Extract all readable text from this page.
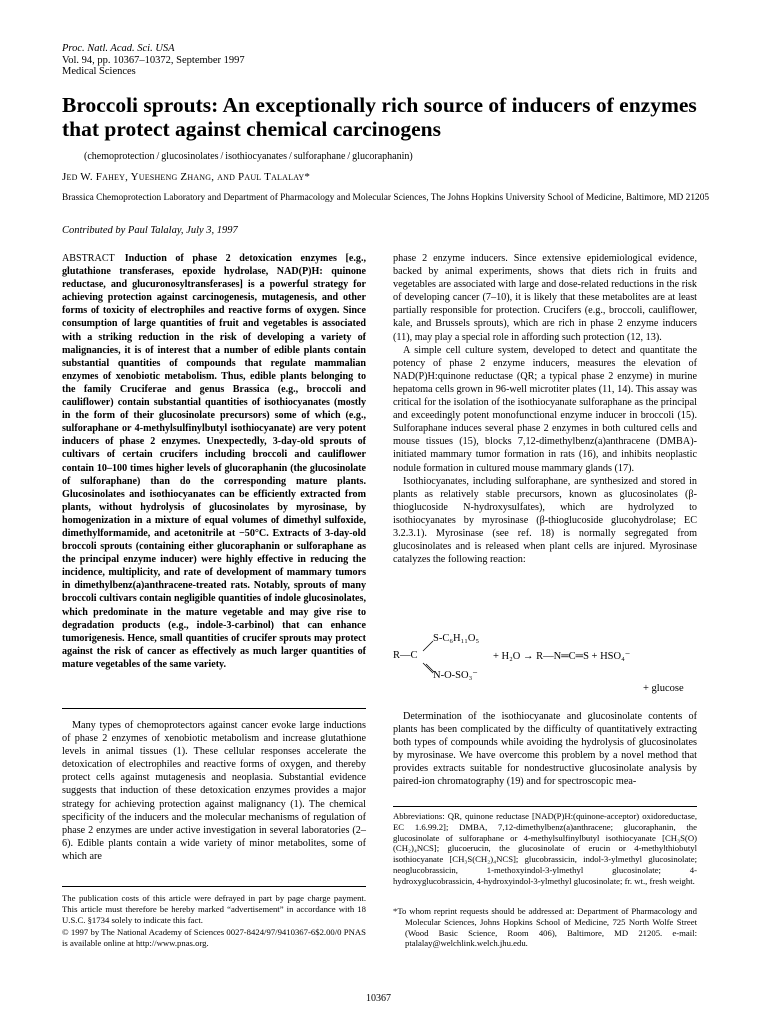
Proc. Natl. Acad. Sci. USA
Vol. 94, pp. 10367–10372, September 1997
Medical Sciences
Broccoli sprouts: An exceptionally rich source of inducers of enzymes that protect against chemical carcinogens
(chemoprotection / glucosinolates / isothiocyanates / sulforaphane / glucoraphanin)
Jed W. Fahey, Yuesheng Zhang, and Paul Talalay*
Brassica Chemoprotection Laboratory and Department of Pharmacology and Molecular Sciences, The Johns Hopkins University School of Medicine, Baltimore, MD 21205
Contributed by Paul Talalay, July 3, 1997
ABSTRACT Induction of phase 2 detoxication enzymes [e.g., glutathione transferases, epoxide hydrolase, NAD(P)H: quinone reductase, and glucuronosyltransferases] is a powerful strategy for achieving protection against carcinogenesis, mutagenesis, and other forms of toxicity of electrophiles and reactive forms of oxygen. Since consumption of large quantities of fruit and vegetables is associated with a striking reduction in the risk of developing a variety of malignancies, it is of interest that a number of edible plants contain substantial quantities of compounds that regulate mammalian enzymes of xenobiotic metabolism. Thus, edible plants belonging to the family Cruciferae and genus Brassica (e.g., broccoli and cauliflower) contain substantial quantities of isothiocyanates (mostly in the form of their glucosinolate precursors) some of which (e.g., sulforaphane or 4-methylsulfinylbutyl isothiocyanate) are very potent inducers of phase 2 enzymes. Unexpectedly, 3-day-old sprouts of cultivars of certain crucifers including broccoli and cauliflower contain 10–100 times higher levels of glucoraphanin (the glucosinolate of sulforaphane) than do the corresponding mature plants. Glucosinolates and isothiocyanates can be efficiently extracted from plants, without hydrolysis of glucosinolates by myrosinase, by homogenization in a mixture of equal volumes of dimethyl sulfoxide, dimethylformamide, and acetonitrile at −50°C. Extracts of 3-day-old broccoli sprouts (containing either glucoraphanin or sulforaphane as the principal enzyme inducer) were highly effective in reducing the incidence, multiplicity, and rate of development of mammary tumors in dimethylbenz(a)anthracene-treated rats. Notably, sprouts of many broccoli cultivars contain negligible quantities of indole glucosinolates, which predominate in the mature vegetable and may give rise to degradation products (e.g., indole-3-carbinol) that can enhance tumorigenesis. Hence, small quantities of crucifer sprouts may protect against the risk of cancer as effectively as much larger quantities of mature vegetables of the same variety.
Many types of chemoprotectors against cancer evoke large inductions of phase 2 enzymes of xenobiotic metabolism and increase glutathione levels in animal tissues (1). These cellular responses accelerate the detoxication of electrophiles and reactive forms of oxygen, and thereby protect cells against mutagenesis and neoplasia. Substantial evidence suggests that induction of these detoxication enzymes provides a major strategy for achieving protection against malignancy (1). The chemical specificity of the inducers and the molecular mechanisms of regulation of phase 2 enzymes are under active investigation in several laboratories (2–6). Edible plants contain a wide variety of minor metabolites, some of which are
The publication costs of this article were defrayed in part by page charge payment. This article must therefore be hereby marked “advertisement” in accordance with 18 U.S.C. §1734 solely to indicate this fact.
© 1997 by The National Academy of Sciences 0027-8424/97/9410367-6$2.00/0 PNAS is available online at http://www.pnas.org.

phase 2 enzyme inducers. Since extensive epidemiological evidence, backed by animal experiments, shows that diets rich in fruits and vegetables are associated with large and dose-related reductions in the risk of developing cancer (7–10), it is likely that these metabolites are at least partially responsible for protection. Crucifers (e.g., broccoli, cauliflower, kale, and Brussels sprouts), which are rich in phase 2 enzyme inducers (11), may play a special role in affording such protection (12, 13).

A simple cell culture system, developed to detect and quantitate the potency of phase 2 enzyme inducers, measures the elevation of NAD(P)H:quinone reductase (QR; a typical phase 2 enzyme) in murine hepatoma cells grown in 96-well microtiter plates (11, 14). This assay was critical for the isolation of the isothiocyanate sulforaphane as the principal and exceedingly potent monofunctional enzyme inducer in broccoli (15). Sulforaphane induces several phase 2 enzymes in both cultured cells and mouse tissues (15), blocks 7,12-dimethylbenz(a)anthracene (DMBA)-initiated mammary tumor formation in rats (16), and inhibits neoplastic nodule formation in cultured mouse mammary glands (17).

Isothiocyanates, including sulforaphane, are synthesized and stored in plants as relatively stable precursors, known as glucosinolates (β-thioglucoside N-hydroxysulfates), which are hydrolyzed to isothiocyanates by myrosinase (β-thioglucoside glucohydrolase; EC 3.2.3.1). Myrosinase (see ref. 18) is normally segregated from glucosinolates and is released when plant cells are injured. Myrosinase catalyzes the following reaction:

R—C
S-C₆H₁₁O₅
N-O-SO₃⁻
+ H₂O → R—N═C═S + HSO₄⁻
+ glucose

Determination of the isothiocyanate and glucosinolate contents of plants has been complicated by the difficulty of quantitatively extracting both types of compounds while avoiding the hydrolysis of glucosinolates by myrosinase. We have overcome this problem by a novel method that provides extracts suitable for nondestructive glucosinolate analysis by paired-ion chromatography (19) and for spectroscopic mea-

Abbreviations: QR, quinone reductase [NAD(P)H:(quinone-acceptor) oxidoreductase, EC 1.6.99.2]; DMBA, 7,12-dimethylbenz(a)anthracene; glucoraphanin, the glucosinolate of sulforaphane or 4-methylsulfinylbutyl isothiocyanate [CH₃S(O)(CH₂)₄NCS]; glucoerucin, the glucosinolate of erucin or 4-methylthiobutyl isothiocyanate [CH₃S(CH₂)₄NCS]; glucobrassicin, indol-3-ylmethyl glucosinolate; neoglucobrassicin, 1-methoxyindol-3-ylmethyl glucosinolate; 4-hydroxyglucobrassicin, 4-hydroxyindol-3-ylmethyl glucosinolate; fr. wt., fresh weight.
*To whom reprint requests should be addressed at: Department of Pharmacology and Molecular Sciences, Johns Hopkins School of Medicine, 725 North Wolfe Street (Wood Basic Science, Room 406), Baltimore, MD 21205. e-mail: ptalalay@welchlink.welch.jhu.edu.
10367
